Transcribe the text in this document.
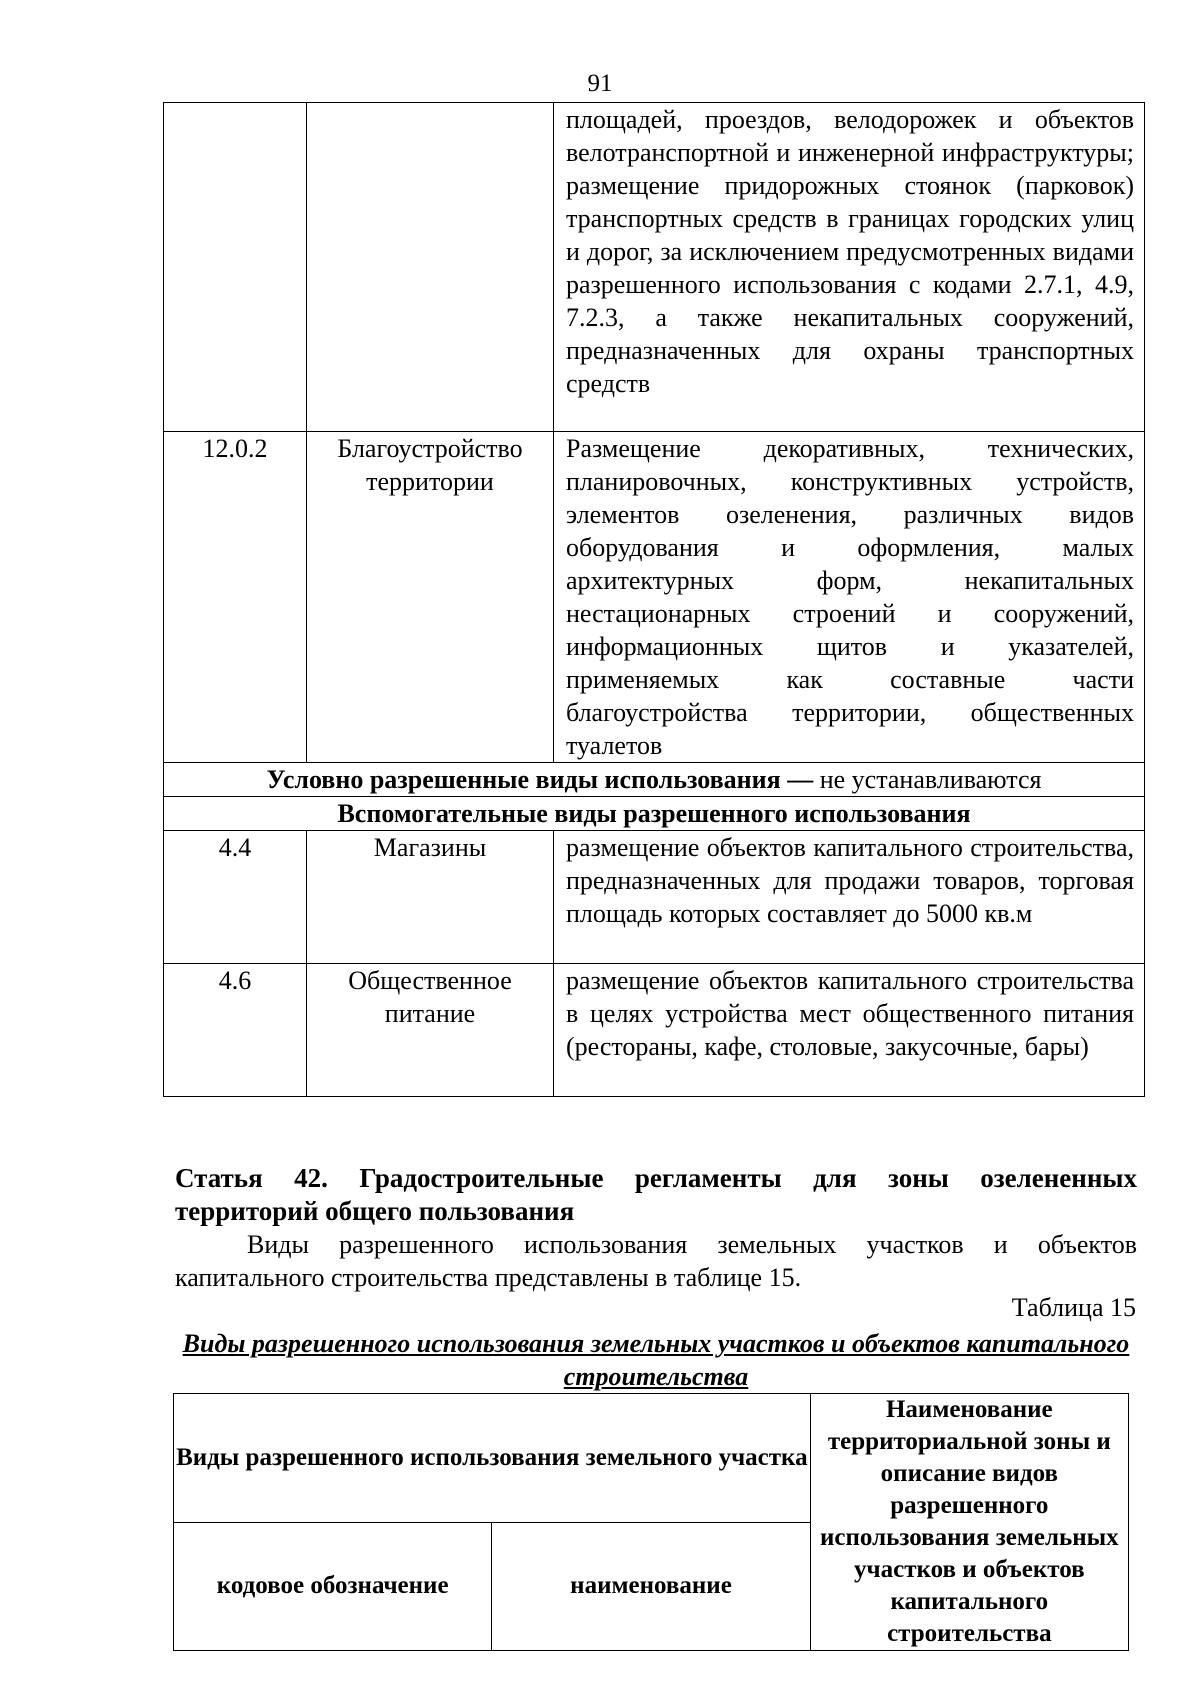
91
		площадей, проездов, велодорожек и объектов велотранспортной и инженерной инфраструктуры; размещение придорожных стоянок (парковок) транспортных средств в границах городских улиц и дорог, за исключением предусмотренных видами разрешенного использования с кодами 2.7.1, 4.9, 7.2.3, а также некапитальных сооружений, предназначенных для охраны транспортных средств
12.0.2	Благоустройство территории	Размещение декоративных, технических, планировочных, конструктивных устройств, элементов озеленения, различных видов оборудования и оформления, малых архитектурных форм, некапитальных нестационарных строений и сооружений, информационных щитов и указателей, применяемых как составные части благоустройства территории, общественных туалетов
Условно разрешенные виды использования — не устанавливаются		
Вспомогательные виды разрешенного использования		
4.4	Магазины	размещение объектов капитального строительства, предназначенных для продажи товаров, торговая площадь которых составляет до 5000 кв.м
4.6	Общественное питание	размещение объектов капитального строительства в целях устройства мест общественного питания (рестораны, кафе, столовые, закусочные, бары)
Статья 42. Градостроительные регламенты для зоны озелененных территорий общего пользования
Виды разрешенного использования земельных участков и объектов капитального строительства представлены в таблице 15.
Таблица 15
Виды разрешенного использования земельных участков и объектов капитального строительства
Виды разрешенного использования земельного участка		Наименование территориальной зоны и описание видов разрешенного использования земельных участков и объектов капитального строительства
кодовое обозначение	наименование	
